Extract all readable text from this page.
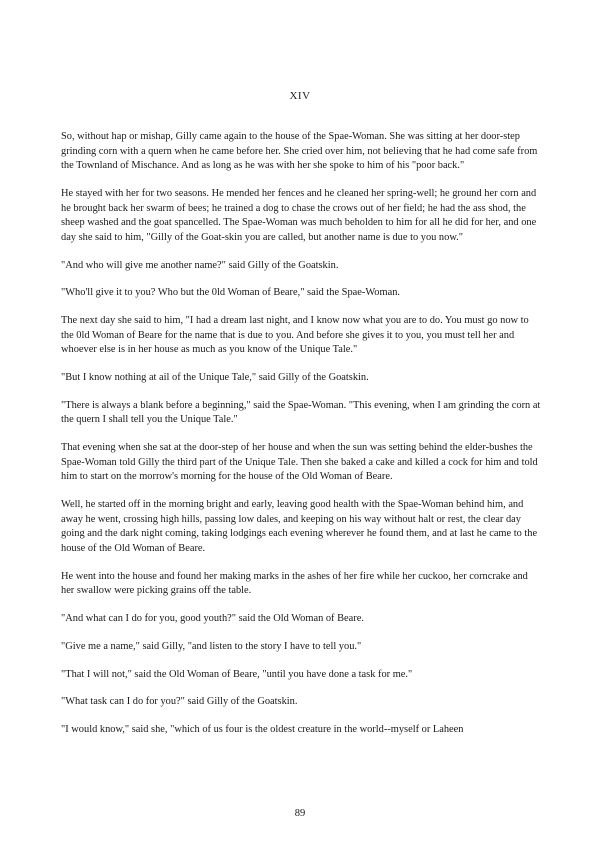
XIV

So, without hap or mishap, Gilly came again to the house of the Spae-Woman. She was sitting at her door-step grinding corn with a quern when he came before her. She cried over him, not believing that he had come safe from the Townland of Mischance. And as long as he was with her she spoke to him of his "poor back."

He stayed with her for two seasons. He mended her fences and he cleaned her spring-well; he ground her corn and he brought back her swarm of bees; he trained a dog to chase the crows out of her field; he had the ass shod, the sheep washed and the goat spancelled. The Spae-Woman was much beholden to him for all he did for her, and one day she said to him, "Gilly of the Goat-skin you are called, but another name is due to you now."

"And who will give me another name?" said Gilly of the Goatskin.

"Who'll give it to you? Who but the 0ld Woman of Beare," said the Spae-Woman.

The next day she said to him, "I had a dream last night, and I know now what you are to do. You must go now to the 0ld Woman of Beare for the name that is due to you. And before she gives it to you, you must tell her and whoever else is in her house as much as you know of the Unique Tale."

"But I know nothing at ail of the Unique Tale," said Gilly of the Goatskin.

"There is always a blank before a beginning," said the Spae-Woman. "This evening, when I am grinding the corn at the quern I shall tell you the Unique Tale."

That evening when she sat at the door-step of her house and when the sun was setting behind the elder-bushes the Spae-Woman told Gilly the third part of the Unique Tale. Then she baked a cake and killed a cock for him and told him to start on the morrow's morning for the house of the Old Woman of Beare.

Well, he started off in the morning bright and early, leaving good health with the Spae-Woman behind him, and away he went, crossing high hills, passing low dales, and keeping on his way without halt or rest, the clear day going and the dark night coming, taking lodgings each evening wherever he found them, and at last he came to the house of the Old Woman of Beare.

He went into the house and found her making marks in the ashes of her fire while her cuckoo, her corncrake and her swallow were picking grains off the table.

"And what can I do for you, good youth?" said the Old Woman of Beare.

"Give me a name," said Gilly, "and listen to the story I have to tell you."

"That I will not," said the Old Woman of Beare, "until you have done a task for me."

"What task can I do for you?" said Gilly of the Goatskin.

"I would know," said she, "which of us four is the oldest creature in the world--myself or Laheen

89
